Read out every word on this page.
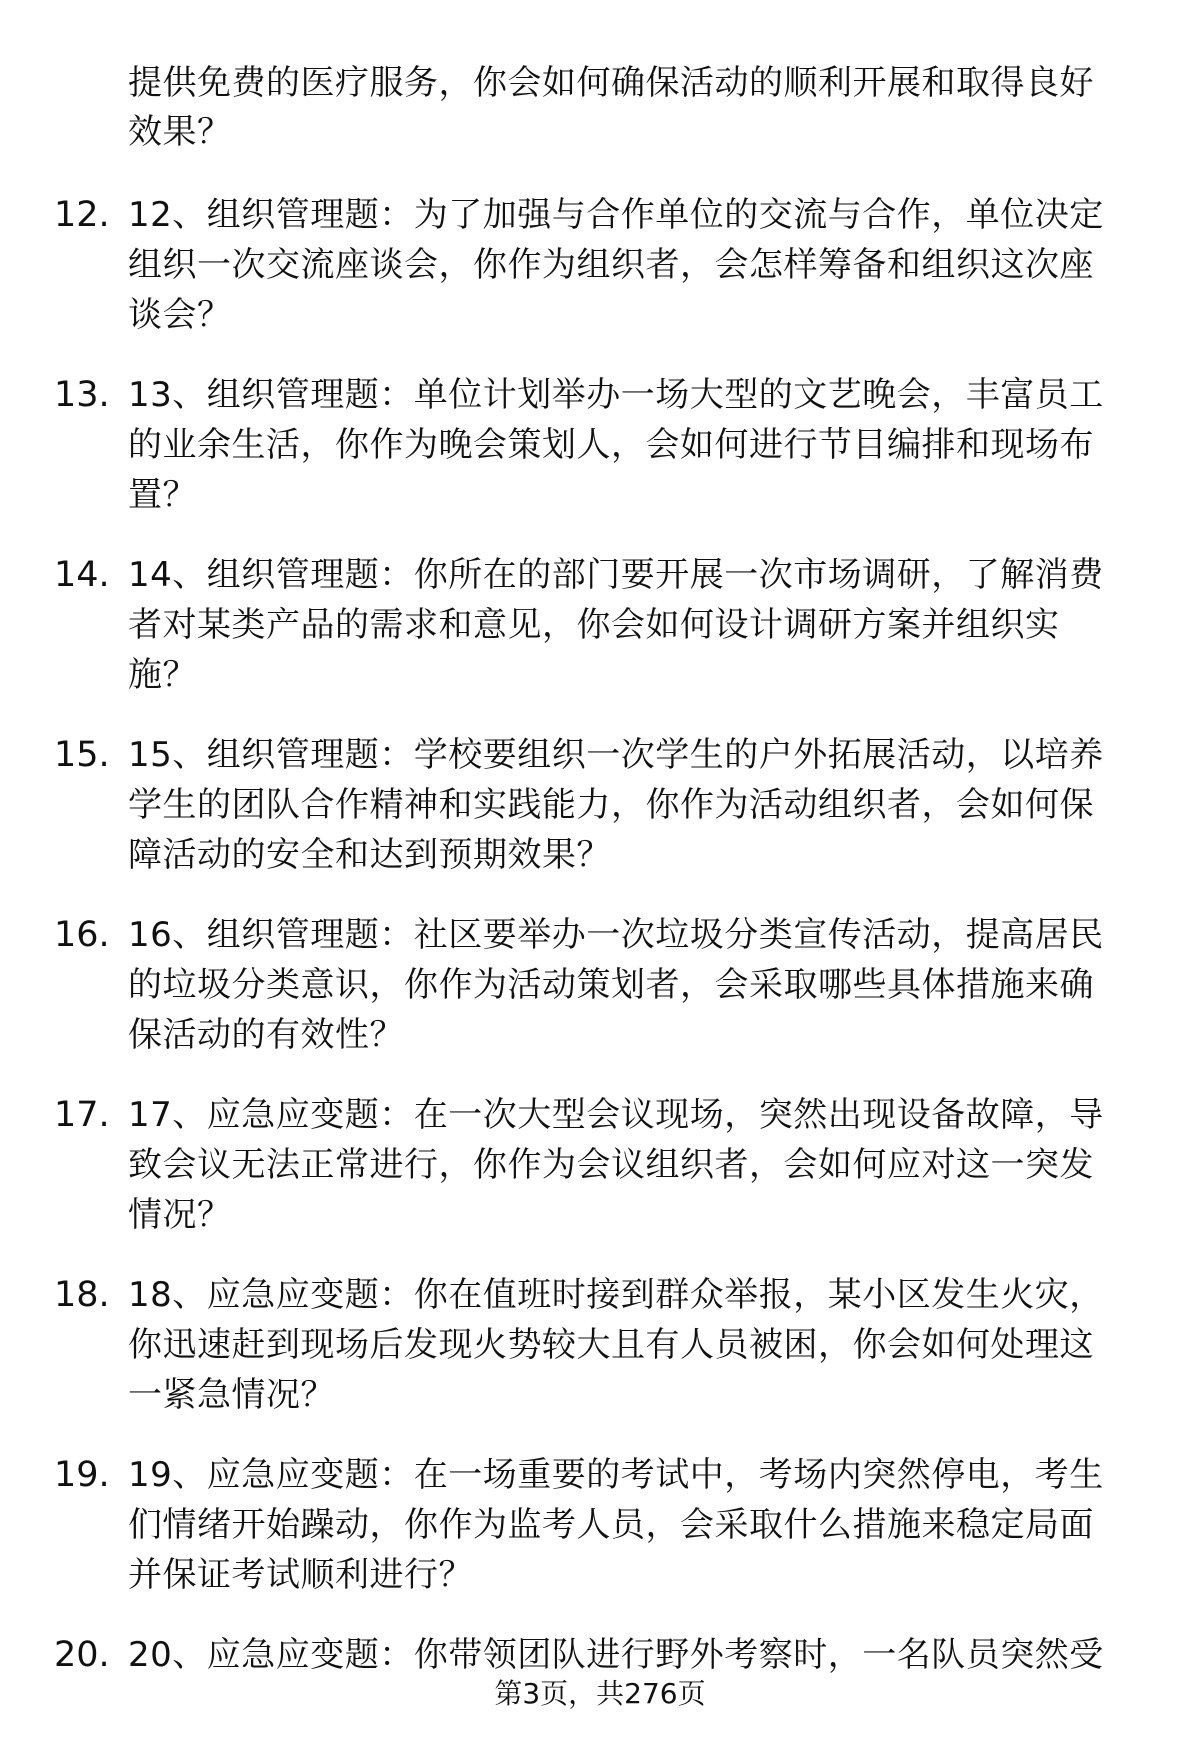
提供免费的医疗服务，你会如何确保活动的顺利开展和取得良好
效果？
12. 12、组织管理题：为了加强与合作单位的交流与合作，单位决定
组织一次交流座谈会，你作为组织者，会怎样筹备和组织这次座
谈会？
13. 13、组织管理题：单位计划举办一场大型的文艺晚会，丰富员工
的业余生活，你作为晚会策划人，会如何进行节目编排和现场布
置？
14. 14、组织管理题：你所在的部门要开展一次市场调研，了解消费
者对某类产品的需求和意见，你会如何设计调研方案并组织实
施？
15. 15、组织管理题：学校要组织一次学生的户外拓展活动，以培养
学生的团队合作精神和实践能力，你作为活动组织者，会如何保
障活动的安全和达到预期效果？
16. 16、组织管理题：社区要举办一次垃圾分类宣传活动，提高居民
的垃圾分类意识，你作为活动策划者，会采取哪些具体措施来确
保活动的有效性？
17. 17、应急应变题：在一次大型会议现场，突然出现设备故障，导
致会议无法正常进行，你作为会议组织者，会如何应对这一突发
情况？
18. 18、应急应变题：你在值班时接到群众举报，某小区发生火灾，
你迅速赶到现场后发现火势较大且有人员被困，你会如何处理这
一紧急情况？
19. 19、应急应变题：在一场重要的考试中，考场内突然停电，考生
们情绪开始躁动，你作为监考人员，会采取什么措施来稳定局面
并保证考试顺利进行？
20. 20、应急应变题：你带领团队进行野外考察时，一名队员突然受
第3页，共276页
